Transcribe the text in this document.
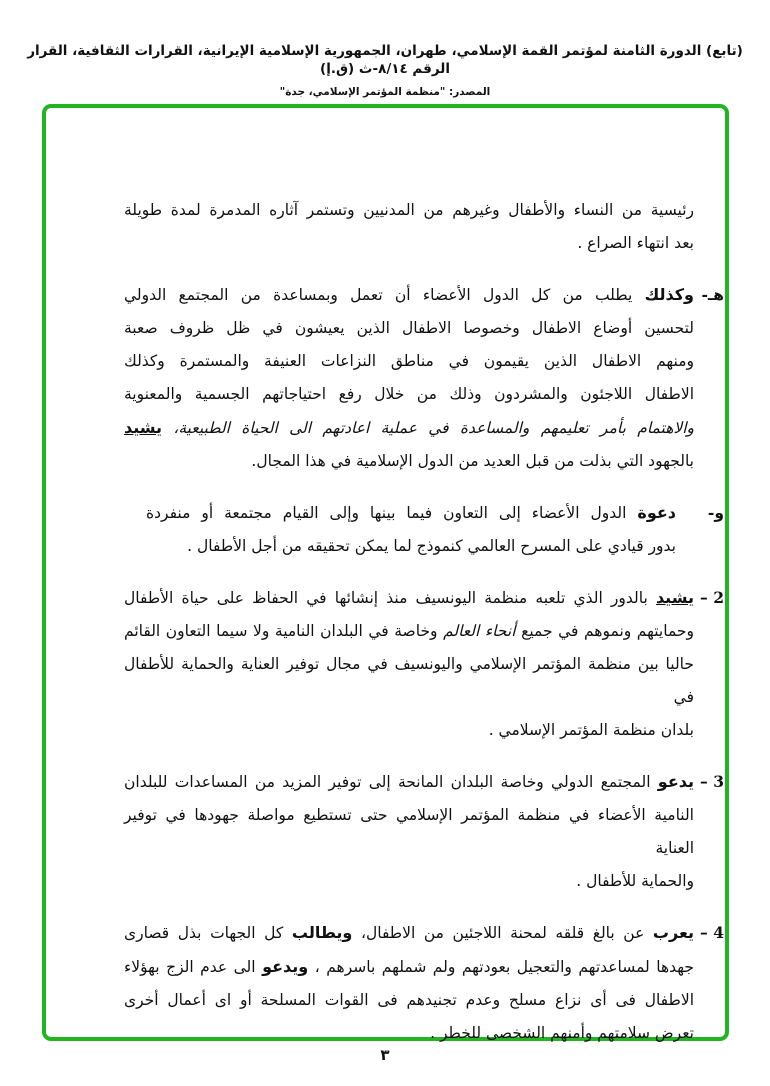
(تابع) الدورة الثامنة لمؤتمر القمة الإسلامي، طهران، الجمهورية الإسلامية الإيرانية، القرارات الثقافية، القرار الرقم ٨/١٤-ث (ق.إ)
المصدر: "منظمة المؤتمر الإسلامي، جدة"
رئيسية من النساء والأطفال وغيرهم من المدنيين وتستمر آثاره المدمرة لمدة طويلة
بعد انتهاء الصراع .
هـ-
وكذلك يطلب من كل الدول الأعضاء أن تعمل وبمساعدة من المجتمع الدولي
لتحسين أوضاع الاطفال وخصوصا الاطفال الذين يعيشون في ظل ظروف صعبة
ومنهم الاطفال الذين يقيمون في مناطق النزاعات العنيفة والمستمرة وكذلك
الاطفال اللاجئون والمشردون وذلك من خلال رفع احتياجاتهم الجسمية والمعنوية
والاهتمام بأمر تعليمهم والمساعدة في عملية اعادتهم الى الحياة الطبيعية، يشيد
بالجهود التي بذلت من قبل العديد من الدول الإسلامية في هذا المجال.
و-
دعوة الدول الأعضاء إلى التعاون فيما بينها وإلى القيام مجتمعة أو منفردة
بدور قيادي على المسرح العالمي كنموذج لما يمكن تحقيقه من أجل الأطفال .
2 –
يشيد بالدور الذي تلعبه منظمة اليونسيف منذ إنشائها في الحفاظ على حياة الأطفال
وحمايتهم ونموهم في جميع أنحاء العالم وخاصة في البلدان النامية ولا سيما التعاون القائم
حاليا بين منظمة المؤتمر الإسلامي واليونسيف في مجال توفير العناية والحماية للأطفال في
بلدان منظمة المؤتمر الإسلامي .
3 –
يدعو المجتمع الدولي وخاصة البلدان المانحة إلى توفير المزيد من المساعدات للبلدان
النامية الأعضاء في منظمة المؤتمر الإسلامي حتى تستطيع مواصلة جهودها في توفير العناية
والحماية للأطفال .
4 –
يعرب عن بالغ قلقه لمحنة اللاجئين من الاطفال، ويطالب كل الجهات بذل قصارى
جهدها لمساعدتهم والتعجيل بعودتهم ولم شملهم باسرهم ، ويدعو الى عدم الزج بهؤلاء
الاطفال فى أى نزاع مسلح وعدم تجنيدهم فى القوات المسلحة أو اى أعمال أخرى
تعرض سلامتهم وأمنهم الشخصى للخطر .
٣
